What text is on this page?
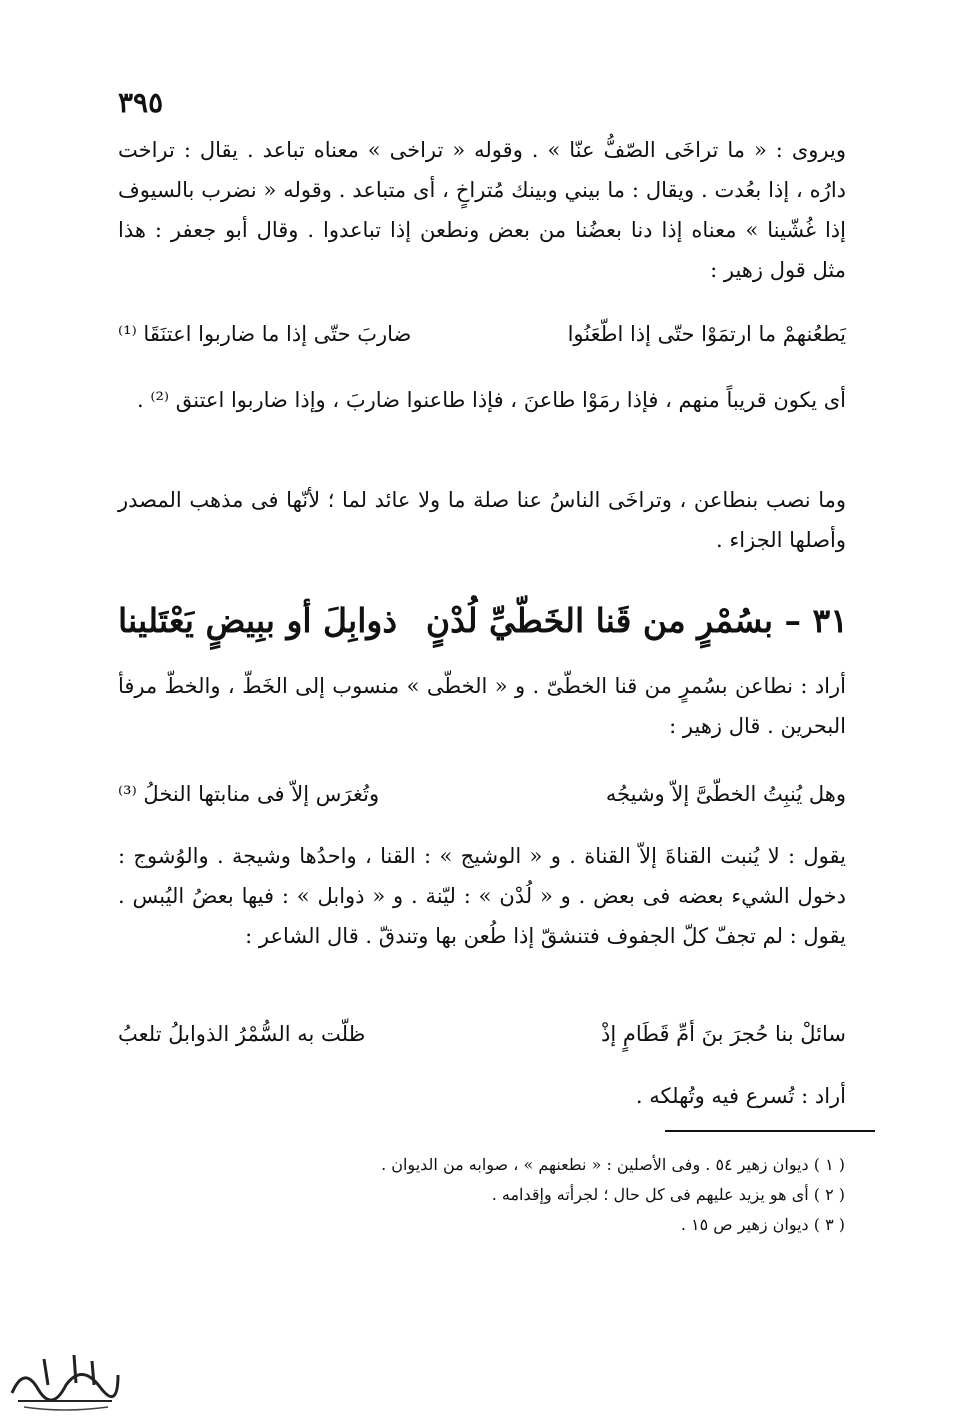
٣٩٥

ويروى : « ما تراخَى الصّفُّ عنّا » . وقوله « تراخى » معناه تباعد . يقال : تراخت دارُه ، إذا بعُدت . ويقال : ما بيني وبينك مُتراخٍ ، أى متباعد . وقوله « نضرب بالسيوف إذا غُشّينا » معناه إذا دنا بعضُنا من بعض ونطعن إذا تباعدوا . وقال أبو جعفر : هذا مثل قول زهير :

يَطعُنهمْ ما ارتمَوْا حتّى إذا اطّعَنُوا
ضاربَ حتّى إذا ما ضاربوا اعتنَقَا ⁽¹⁾

أى يكون قريباً منهم ، فإذا رمَوْا طاعنَ ، فإذا طاعنوا ضاربَ ، وإذا ضاربوا اعتنق ⁽²⁾ .

وما نصب بنطاعن ، وتراخَى الناسُ عنا صلة ما ولا عائد لما ؛ لأنّها فى مذهب المصدر وأصلها الجزاء .

٣١ – بسُمْرٍ من قَنا الخَطّيِّ لُدْنٍ
ذوابِلَ أو ببِيضٍ يَعْتَلينا

أراد : نطاعن بسُمرٍ من قنا الخطّىّ . و « الخطّى » منسوب إلى الخَطّ ، والخطّ مرفأ البحرين . قال زهير :

وهل يُنبِتُ الخطّىَّ إلاّ وشيجُه
وتُغرَس إلاّ فى منابتها النخلُ ⁽³⁾

يقول : لا يُنبت القناةَ إلاّ القناة . و « الوشيج » : القنا ، واحدُها وشيجة . والوُشوج : دخول الشيء بعضه فى بعض . و « لُدْن » : ليّنة . و « ذوابل » : فيها بعضُ اليُبس . يقول : لم تجفّ كلّ الجفوف فتنشقّ إذا طُعن بها وتندقّ . قال الشاعر :

سائلْ بنا حُجرَ بنَ أمِّ قَطَامٍ إذْ
ظلّت به السُّمْرُ الذوابلُ تلعبُ

أراد : تُسرع فيه وتُهلكه .

( ١ ) ديوان زهير ٥٤ . وفى الأصلين : « نطعنهم » ، صوابه من الديوان .

( ٢ ) أى هو يزيد عليهم فى كل حال ؛ لجرأته وإقدامه .

( ٣ ) ديوان زهير ص ١٥ .
